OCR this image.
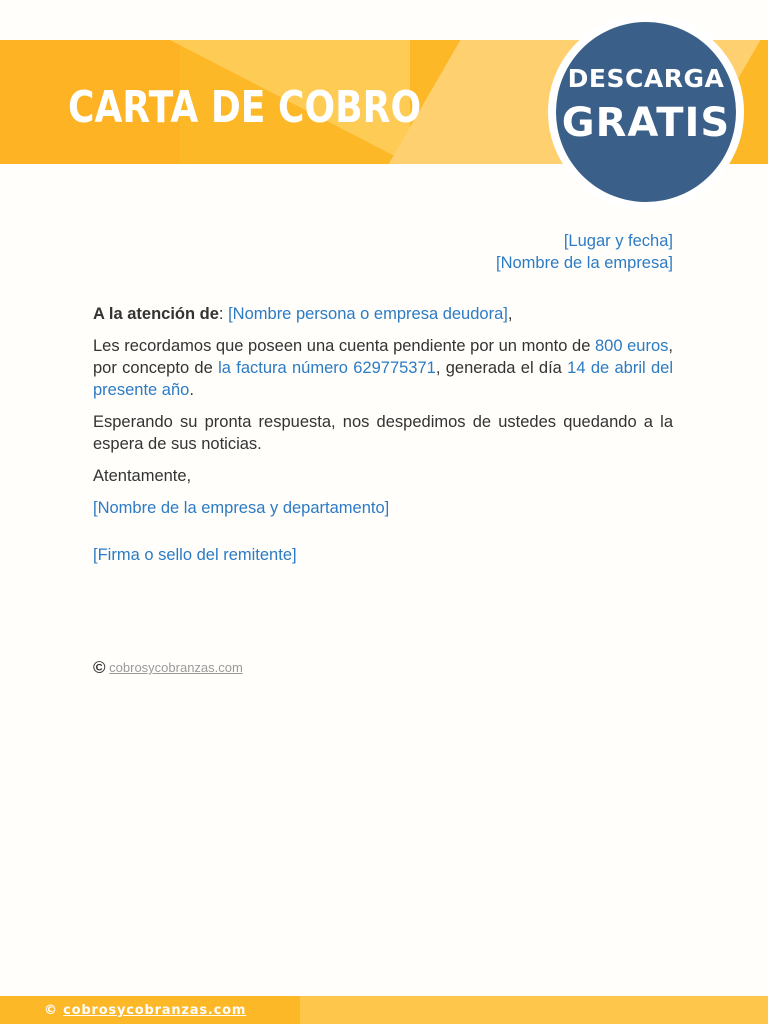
CARTA DE COBRO
DESCARGA
GRATIS
[Lugar y fecha]
[Nombre de la empresa]
A la atención de: [Nombre persona o empresa deudora],

Les recordamos que poseen una cuenta pendiente por un monto de 800 euros, por concepto de la factura número 629775371, generada el día 14 de abril del presente año.

Esperando su pronta respuesta, nos despedimos de ustedes quedando a la espera de sus noticias.

Atentamente,
[Nombre de la empresa y departamento]
[Firma o sello del remitente]
© cobrosycobranzas.com
© cobrosycobranzas.com
